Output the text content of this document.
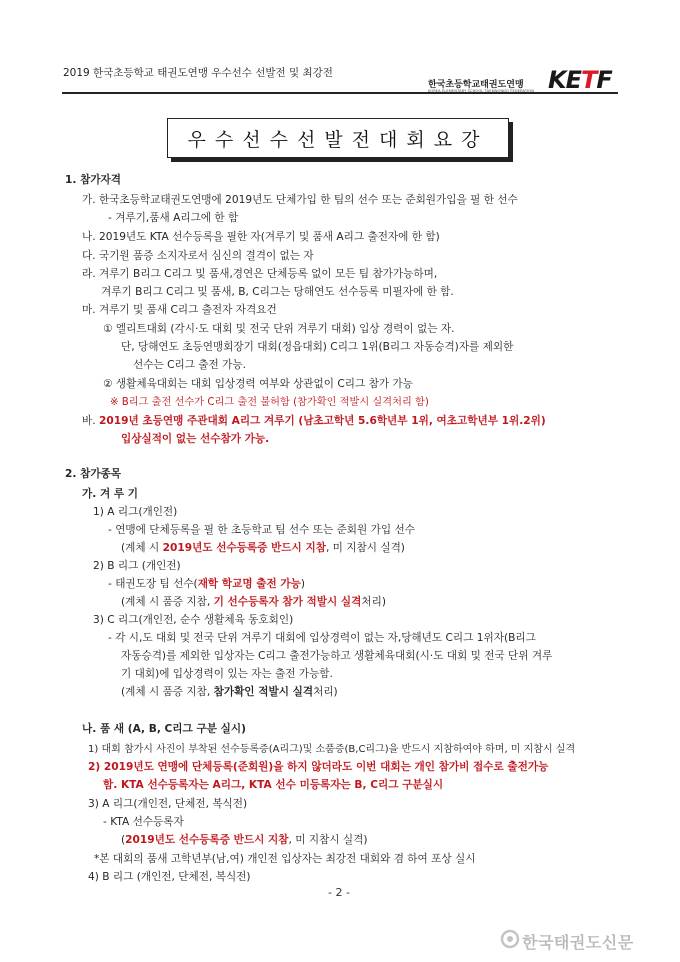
2019 한국초등학교 태권도연맹 우수선수 선발전 및 최강전
한국초등학교태권도연맹
KOREA ELEMENTARY SCHOOL TAEKWONDO FEDERATION KETF
우수선수선발전대회요강
1. 참가자격
가. 한국초등학교태권도연맹에 2019년도 단체가입 한 팀의 선수 또는 준회원가입을 필 한 선수
- 겨루기,품새 A리그에 한 함
나. 2019년도 KTA 선수등록을 필한 자(겨루기 및 품새 A리그 출전자에 한 함)
다. 국기원 품증 소지자로서 심신의 결격이 없는 자
라. 겨루기 B리그 C리그 및 품새,경연은 단체등록 없이 모든 팀 참가가능하며,
겨루기 B리그 C리그 및 품새, B, C리그는 당해연도 선수등록 미필자에 한 함.
마. 겨루기 및 품새 C리그 출전자 자격요건
① 엘리트대회 (각시·도 대회 및 전국 단위 겨루기 대회) 입상 경력이 없는 자.
단, 당해연도 초등연맹회장기 대회(정읍대회) C리그 1위(B리그 자동승격)자를 제외한
선수는 C리그 출전 가능.
② 생활체육대회는 대회 입상경력 여부와 상관없이 C리그 참가 가능
※ B리그 출전 선수가 C리그 출전 불허함 (참가확인 적발시 실격처리 함)
바. 2019년 초등연맹 주관대회 A리그 겨루기 (남초고학년 5.6학년부 1위, 여초고학년부 1위.2위)
입상실적이 없는 선수참가 가능.
2. 참가종목
가. 겨 루 기
1) A 리그(개인전)
- 연맹에 단체등록을 필 한 초등학교 팀 선수 또는 준회원 가입 선수
(계체 시 2019년도 선수등록증 반드시 지참, 미 지참시 실격)
2) B 리그 (개인전)
- 태권도장 팀 선수(재학 학교명 출전 가능)
(계체 시 품증 지참, 기 선수등록자 참가 적발시 실격처리)
3) C 리그(개인전, 순수 생활체육 동호회인)
- 각 시,도 대회 및 전국 단위 겨루기 대회에 입상경력이 없는 자,당해년도 C리그 1위자(B리그
자동승격)를 제외한 입상자는 C리그 출전가능하고 생활체육대회(시·도 대회 및 전국 단위 겨루
기 대회)에 입상경력이 있는 자는 출전 가능함.
(계체 시 품증 지참, 참가확인 적발시 실격처리)
나. 품 새 (A, B, C리그 구분 실시)
1) 대회 참가시 사진이 부착된 선수등록증(A리그)및 소품증(B,C리그)을 반드시 지참하여야 하며, 미 지참시 실격
2) 2019년도 연맹에 단체등록(준회원)을 하지 않더라도 이번 대회는 개인 참가비 접수로 출전가능
함. KTA 선수등록자는 A리그, KTA 선수 미등록자는 B, C리그 구분실시
3) A 리그(개인전, 단체전, 복식전)
- KTA 선수등록자
(2019년도 선수등록증 반드시 지참, 미 지참시 실격)
*본 대회의 품새 고학년부(남,여) 개인전 입상자는 최강전 대회와 겸 하여 포상 실시
4) B 리그 (개인전, 단체전, 복식전)
- 2 -
한국태권도신문
